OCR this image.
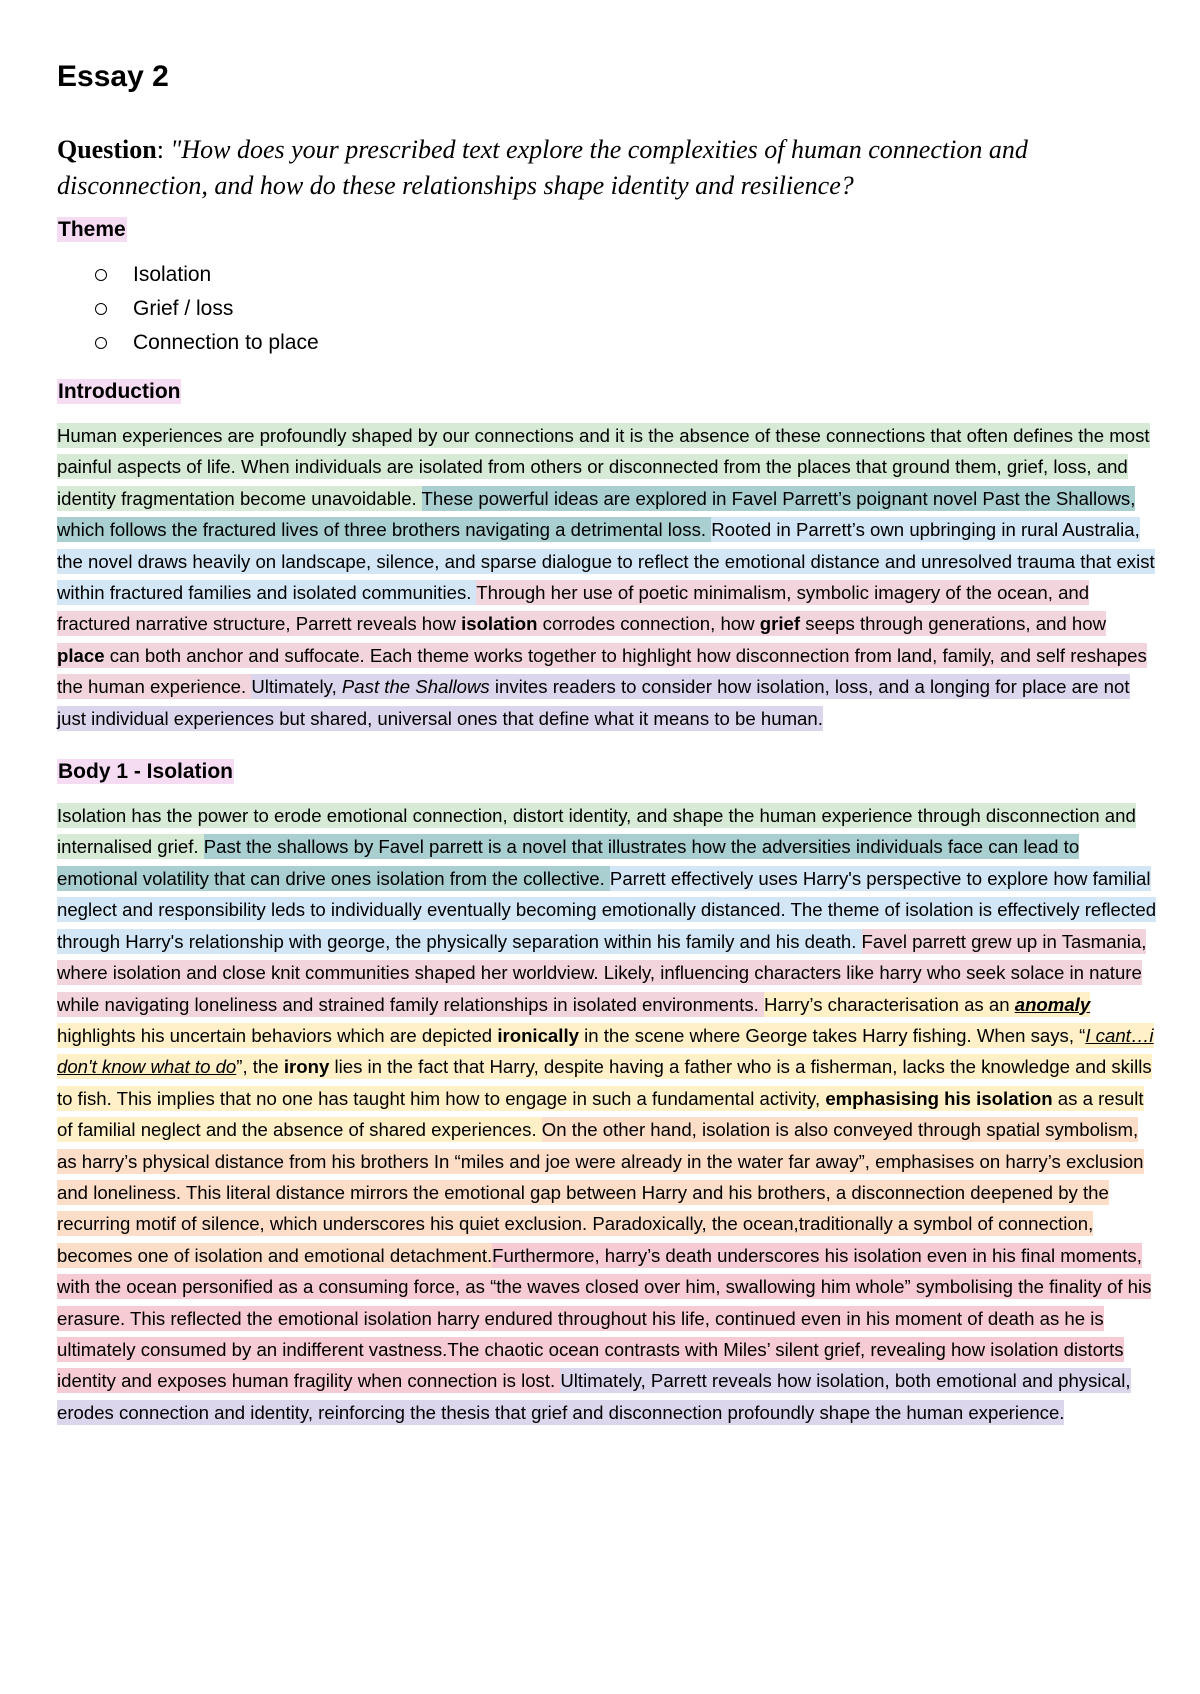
Essay 2

Question: "How does your prescribed text explore the complexities of human connection and disconnection, and how do these relationships shape identity and resilience?

Theme
Isolation
Grief / loss
Connection to place
Introduction

Human experiences are profoundly shaped by our connections and it is the absence of these connections that often defines the most painful aspects of life. When individuals are isolated from others or disconnected from the places that ground them, grief, loss, and identity fragmentation become unavoidable. These powerful ideas are explored in Favel Parrett’s poignant novel Past the Shallows, which follows the fractured lives of three brothers navigating a detrimental loss. Rooted in Parrett’s own upbringing in rural Australia, the novel draws heavily on landscape, silence, and sparse dialogue to reflect the emotional distance and unresolved trauma that exist within fractured families and isolated communities. Through her use of poetic minimalism, symbolic imagery of the ocean, and fractured narrative structure, Parrett reveals how isolation corrodes connection, how grief seeps through generations, and how place can both anchor and suffocate. Each theme works together to highlight how disconnection from land, family, and self reshapes the human experience. Ultimately, Past the Shallows invites readers to consider how isolation, loss, and a longing for place are not just individual experiences but shared, universal ones that define what it means to be human.

Body 1 - Isolation

Isolation has the power to erode emotional connection, distort identity, and shape the human experience through disconnection and internalised grief. Past the shallows by Favel parrett is a novel that illustrates how the adversities individuals face can lead to emotional volatility that can drive ones isolation from the collective. Parrett effectively uses Harry's perspective to explore how familial neglect and responsibility leds to individually eventually becoming emotionally distanced. The theme of isolation is effectively reflected through Harry's relationship with george, the physically separation within his family and his death. Favel parrett grew up in Tasmania, where isolation and close knit communities shaped her worldview. Likely, influencing characters like harry who seek solace in nature while navigating loneliness and strained family relationships in isolated environments. Harry’s characterisation as an anomaly highlights his uncertain behaviors which are depicted ironically in the scene where George takes Harry fishing. When says, “I cant…i don't know what to do”, the irony lies in the fact that Harry, despite having a father who is a fisherman, lacks the knowledge and skills to fish. This implies that no one has taught him how to engage in such a fundamental activity, emphasising his isolation as a result of familial neglect and the absence of shared experiences. On the other hand, isolation is also conveyed through spatial symbolism, as harry’s physical distance from his brothers In “miles and joe were already in the water far away”, emphasises on harry’s exclusion and loneliness. This literal distance mirrors the emotional gap between Harry and his brothers, a disconnection deepened by the recurring motif of silence, which underscores his quiet exclusion. Paradoxically, the ocean,traditionally a symbol of connection, becomes one of isolation and emotional detachment.Furthermore, harry’s death underscores his isolation even in his final moments, with the ocean personified as a consuming force, as “the waves closed over him, swallowing him whole” symbolising the finality of his erasure. This reflected the emotional isolation harry endured throughout his life, continued even in his moment of death as he is ultimately consumed by an indifferent vastness.The chaotic ocean contrasts with Miles’ silent grief, revealing how isolation distorts identity and exposes human fragility when connection is lost. Ultimately, Parrett reveals how isolation, both emotional and physical, erodes connection and identity, reinforcing the thesis that grief and disconnection profoundly shape the human experience.
